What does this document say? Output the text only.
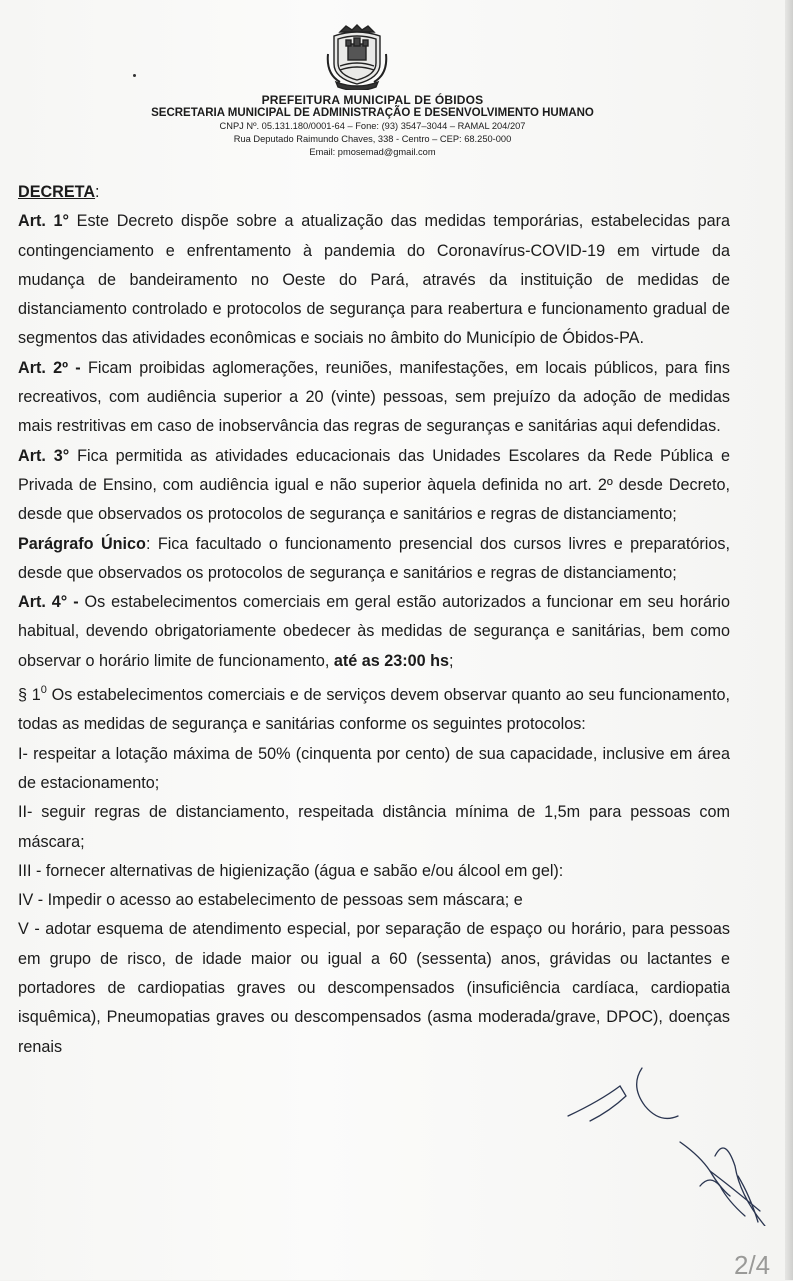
PREFEITURA MUNICIPAL DE ÓBIDOS
SECRETARIA MUNICIPAL DE ADMINISTRAÇÃO E DESENVOLVIMENTO HUMANO
CNPJ Nº. 05.131.180/0001-64 – Fone: (93) 3547–3044 – RAMAL 204/207
Rua Deputado Raimundo Chaves, 338 - Centro – CEP: 68.250-000
Email: pmosemad@gmail.com

DECRETA:

Art. 1° Este Decreto dispõe sobre a atualização das medidas temporárias, estabelecidas para contingenciamento e enfrentamento à pandemia do Coronavírus-COVID-19 em virtude da mudança de bandeiramento no Oeste do Pará, através da instituição de medidas de distanciamento controlado e protocolos de segurança para reabertura e funcionamento gradual de segmentos das atividades econômicas e sociais no âmbito do Município de Óbidos-PA.

Art. 2º - Ficam proibidas aglomerações, reuniões, manifestações, em locais públicos, para fins recreativos, com audiência superior a 20 (vinte) pessoas, sem prejuízo da adoção de medidas mais restritivas em caso de inobservância das regras de seguranças e sanitárias aqui defendidas.

Art. 3° Fica permitida as atividades educacionais das Unidades Escolares da Rede Pública e Privada de Ensino, com audiência igual e não superior àquela definida no art. 2º desde Decreto, desde que observados os protocolos de segurança e sanitários e regras de distanciamento;

Parágrafo Único: Fica facultado o funcionamento presencial dos cursos livres e preparatórios, desde que observados os protocolos de segurança e sanitários e regras de distanciamento;

Art. 4° - Os estabelecimentos comerciais em geral estão autorizados a funcionar em seu horário habitual, devendo obrigatoriamente obedecer às medidas de segurança e sanitárias, bem como observar o horário limite de funcionamento, até as 23:00 hs;

§ $1^0$ Os estabelecimentos comerciais e de serviços devem observar quanto ao seu funcionamento, todas as medidas de segurança e sanitárias conforme os seguintes protocolos:

I- respeitar a lotação máxima de 50% (cinquenta por cento) de sua capacidade, inclusive em área de estacionamento;

II- seguir regras de distanciamento, respeitada distância mínima de 1,5m para pessoas com máscara;

III - fornecer alternativas de higienização (água e sabão e/ou álcool em gel):

IV - Impedir o acesso ao estabelecimento de pessoas sem máscara; e

V - adotar esquema de atendimento especial, por separação de espaço ou horário, para pessoas em grupo de risco, de idade maior ou igual a 60 (sessenta) anos, grávidas ou lactantes e portadores de cardiopatias graves ou descompensados (insuficiência cardíaca, cardiopatia isquêmica), Pneumopatias graves ou descompensados (asma moderada/grave, DPOC), doenças renais

2/4
